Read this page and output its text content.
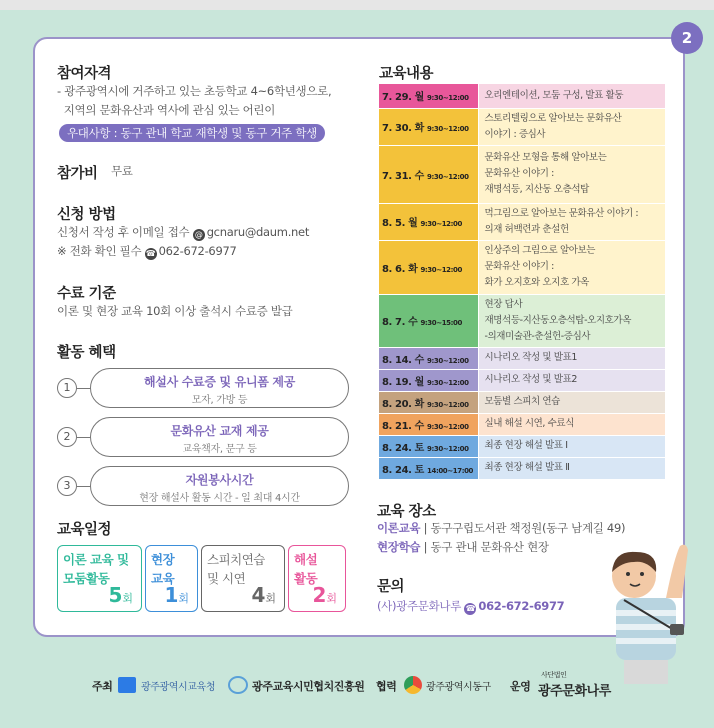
2
참여자격
- 광주광역시에 거주하고 있는 초등학교 4~6학년생으로,
지역의 문화유산과 역사에 관심 있는 어린이
우대사항 : 동구 관내 학교 재학생 및 동구 거주 학생
참가비 무료
신청 방법
신청서 작성 후 이메일 접수 @ gcnaru@daum.net
※ 전화 확인 필수 ☎ 062-672-6977
수료 기준
이론 및 현장 교육 10회 이상 출석시 수료증 발급
활동 혜택
1	해설사 수료증 및 유니폼 제공
모자, 가방 등
2	문화유산 교재 제공
교육책자, 문구 등
3	자원봉사시간
현장 해설사 활동 시간 - 일 최대 4시간
교육일정
이론 교육 및
모둠활동
5회
현장
교육
1회
스피치연습
및 시연
4회
해설
활동
2회
교육내용
7. 29. 월 9:30~12:00	오리엔테이션, 모둠 구성, 발표 활동
7. 30. 화 9:30~12:00	스토리텔링으로 알아보는 문화유산
이야기 : 증심사
7. 31. 수 9:30~12:00	문화유산 모형을 통해 알아보는
문화유산 이야기 :
재명석등, 지산동 오층석탑
8. 5. 월 9:30~12:00	먹그림으로 알아보는 문화유산 이야기 :
의재 허백련과 춘설헌
8. 6. 화 9:30~12:00	인상주의 그림으로 알아보는
문화유산 이야기 :
화가 오지호와 오지호 가옥
8. 7. 수 9:30~15:00	현장 답사
재명석등-지산동오층석탑-오지호가옥
-의재미술관-춘설헌-증심사
8. 14. 수 9:30~12:00	시나리오 작성 및 발표1
8. 19. 월 9:30~12:00	시나리오 작성 및 발표2
8. 20. 화 9:30~12:00	모둠별 스피치 연습
8. 21. 수 9:30~12:00	실내 해설 시연, 수료식
8. 24. 토 9:30~12:00	최종 현장 해설 발표 Ⅰ
8. 24. 토 14:00~17:00	최종 현장 해설 발표 Ⅱ
교육 장소
이론교육 | 동구구립도서관 책정원(동구 남계길 49)
현장학습 | 동구 관내 문화유산 현장
문의
(사)광주문화나루 ☎ 062-672-6977
주최	광주광역시교육청	광주교육시민협치진흥원 협력	광주광역시동구 운영
사단법인
광주문화나루
